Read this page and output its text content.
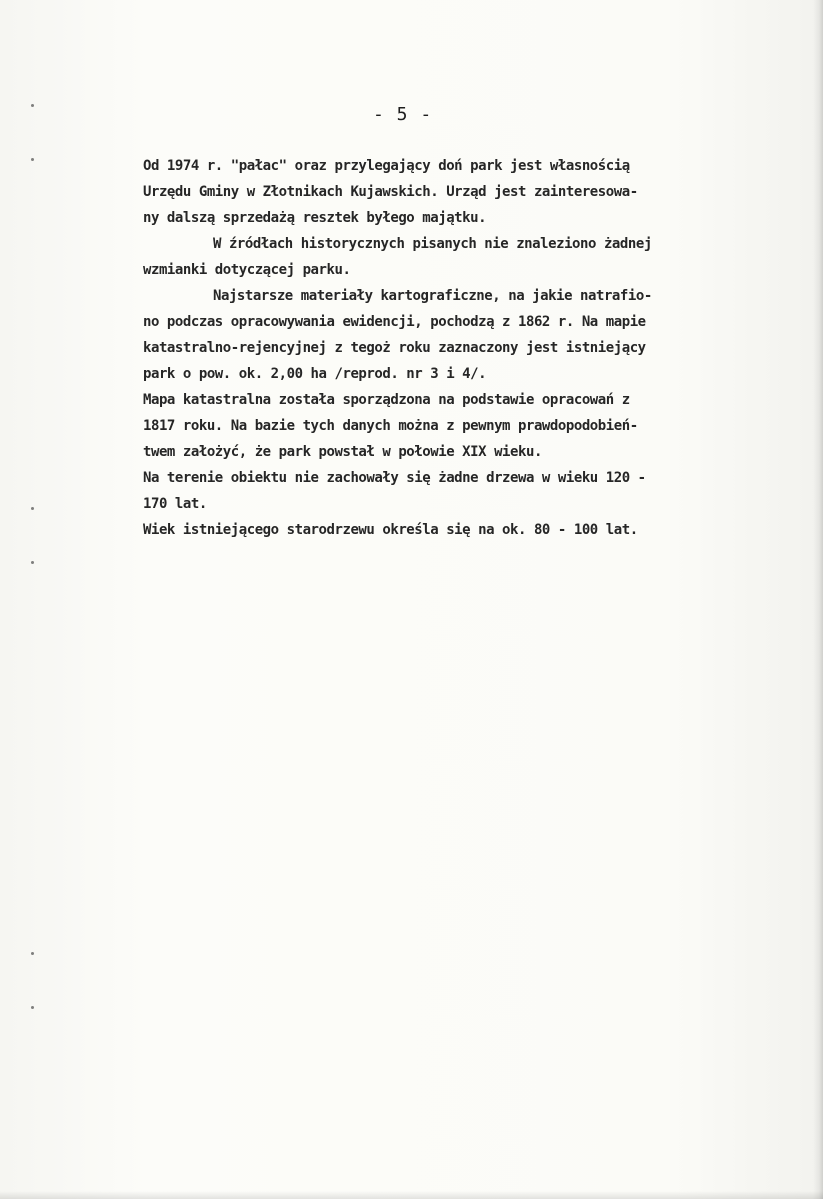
- 5 -

Od 1974 r. "pałac" oraz przylegający doń park jest własnością
Urzędu Gminy w Złotnikach Kujawskich. Urząd jest zainteresowa-
ny dalszą sprzedażą resztek byłego majątku.
W źródłach historycznych pisanych nie znaleziono żadnej
wzmianki dotyczącej parku.
Najstarsze materiały kartograficzne, na jakie natrafio-
no podczas opracowywania ewidencji, pochodzą z 1862 r. Na mapie
katastralno-rejencyjnej z tegoż roku zaznaczony jest istniejący
park o pow. ok. 2,00 ha /reprod. nr 3 i 4/.
Mapa katastralna została sporządzona na podstawie opracowań z
1817 roku. Na bazie tych danych można z pewnym prawdopodobień-
twem założyć, że park powstał w połowie XIX wieku.
Na terenie obiektu nie zachowały się żadne drzewa w wieku 120 -
170 lat.
Wiek istniejącego starodrzewu określa się na ok. 80 - 100 lat.
